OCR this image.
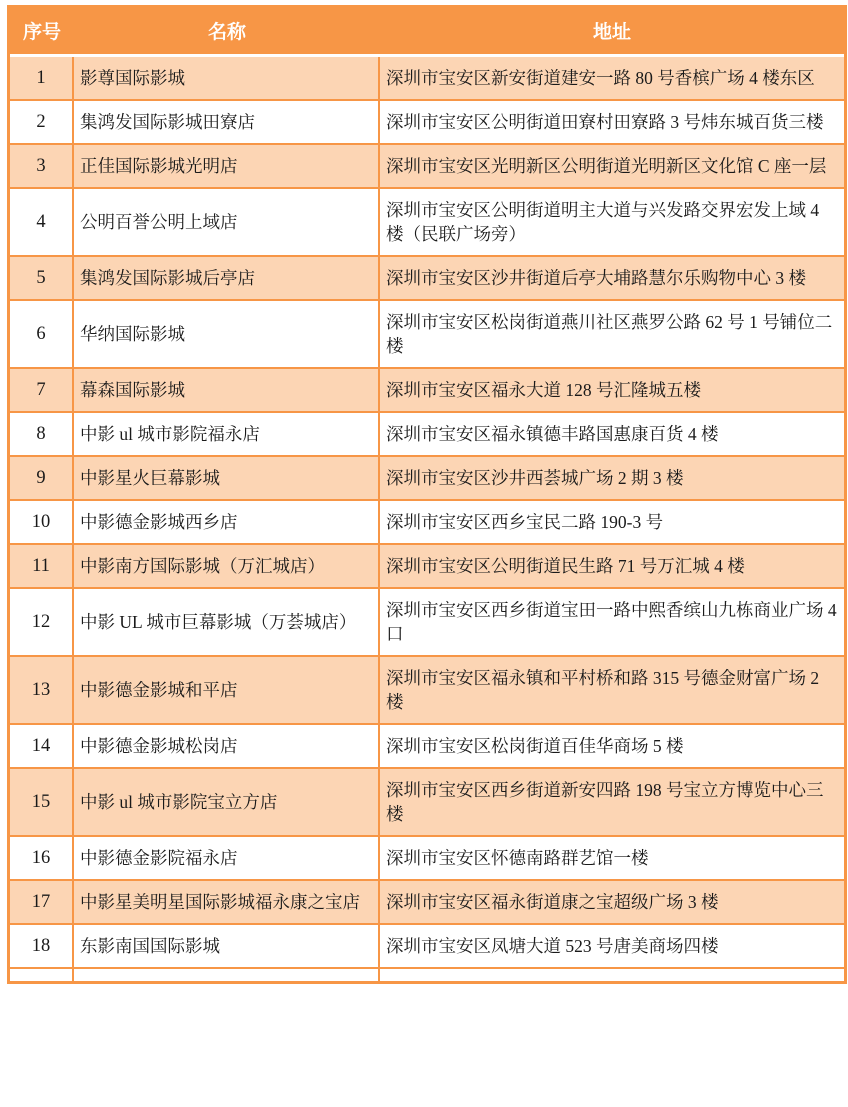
序号	名称	地址
1	影尊国际影城	深圳市宝安区新安街道建安一路 80 号香槟广场 4 楼东区
2	集鸿发国际影城田寮店	深圳市宝安区公明街道田寮村田寮路 3 号炜东城百货三楼
3	正佳国际影城光明店	深圳市宝安区光明新区公明街道光明新区文化馆 C 座一层
4	公明百誉公明上域店	深圳市宝安区公明街道明主大道与兴发路交界宏发上域 4 楼（民联广场旁）
5	集鸿发国际影城后亭店	深圳市宝安区沙井街道后亭大埔路慧尔乐购物中心 3 楼
6	华纳国际影城	深圳市宝安区松岗街道燕川社区燕罗公路 62 号 1 号铺位二楼
7	幕森国际影城	深圳市宝安区福永大道 128 号汇隆城五楼
8	中影 ul 城市影院福永店	深圳市宝安区福永镇德丰路国惠康百货 4 楼
9	中影星火巨幕影城	深圳市宝安区沙井西荟城广场 2 期 3 楼
10	中影德金影城西乡店	深圳市宝安区西乡宝民二路 190-3 号
11	中影南方国际影城（万汇城店）	深圳市宝安区公明街道民生路 71 号万汇城 4 楼
12	中影 UL 城市巨幕影城（万荟城店）	深圳市宝安区西乡街道宝田一路中熙香缤山九栋商业广场 4 口
13	中影德金影城和平店	深圳市宝安区福永镇和平村桥和路 315 号德金财富广场 2 楼
14	中影德金影城松岗店	深圳市宝安区松岗街道百佳华商场 5 楼
15	中影 ul 城市影院宝立方店	深圳市宝安区西乡街道新安四路 198 号宝立方博览中心三楼
16	中影德金影院福永店	深圳市宝安区怀德南路群艺馆一楼
17	中影星美明星国际影城福永康之宝店	深圳市宝安区福永街道康之宝超级广场 3 楼
18	东影南国国际影城	深圳市宝安区凤塘大道 523 号唐美商场四楼
